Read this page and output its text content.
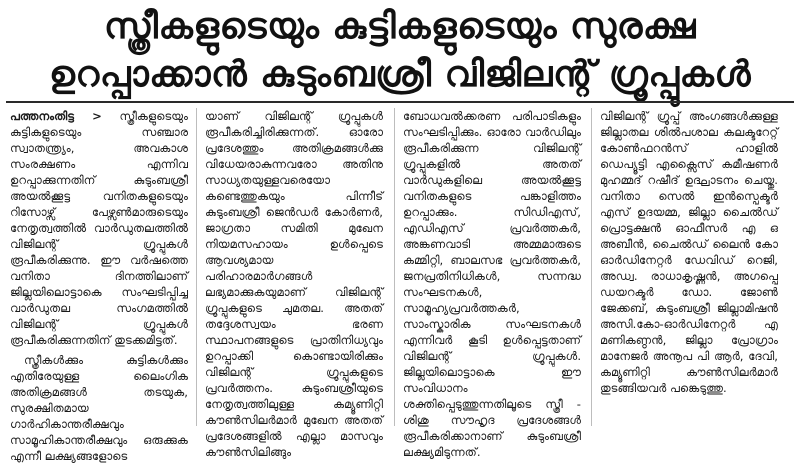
സ്ത്രീകളുടെയും കുട്ടികളുടെയും സുരക്ഷ
ഉറപ്പാക്കാൻ കുടുംബശ്രീ വിജിലന്റ് ഗ്രൂപ്പുകൾ

പത്തനംതിട്ട > സ്ത്രീകളുടെയും കുട്ടികളുടെയും സഞ്ചാര സ്വാതന്ത്ര്യം, അവകാശ സംരക്ഷണം എന്നിവ ഉറപ്പാക്കുന്നതിന് കുടുംബശ്രീ അയൽക്കൂട്ട വനിതകളുടെയും റിസോഴ്സ് പേഴ്സൺമാരുടെയും നേതൃത്വത്തിൽ വാർഡുതലത്തിൽ വിജിലന്റ് ഗ്രൂപ്പുകൾ രൂപീകരിക്കുന്നു. ഈ വർഷത്തെ വനിതാ ദിനത്തിലാണ് ജില്ലയിലൊട്ടാകെ സംഘടിപ്പിച്ച വാർഡുതല സംഗമത്തിൽ വിജിലന്റ് ഗ്രൂപ്പുകൾ രൂപീകരിക്കുന്നതിന് തുടക്കമിട്ടത്.

സ്ത്രീകൾക്കും കുട്ടികൾക്കും എതിരേയുള്ള ലൈംഗിക അതിക്രമങ്ങൾ തടയുക, സുരക്ഷിതമായ ഗാർഹികാന്തരീക്ഷവും സാമൂഹികാന്തരീക്ഷവും ഒരുക്കുക എന്നീ ലക്ഷ്യങ്ങളോടെ

യാണ് വിജിലന്റ് ഗ്രൂപ്പുകൾ രൂപീകരിച്ചിരിക്കുന്നത്. ഓരോ പ്രദേശത്തും അതിക്രമങ്ങൾക്കു വിധേയരാകുന്നവരോ അതിനു സാധ്യതയുള്ളവരെയോ കണ്ടെത്തുകയും പിന്നീട് കുടുംബശ്രീ ജെൻഡർ കോർണർ, ജാഗ്രതാ സമിതി മുഖേന നിയമസഹായം ഉൾപ്പെടെ ആവശ്യമായ പരിഹാരമാർഗങ്ങൾ ലഭ്യമാക്കുകയുമാണ് വിജിലന്റ് ഗ്രൂപ്പുകളുടെ ചുമതല. അതത് തദ്ദേശസ്വയം ഭരണ സ്ഥാപനങ്ങളുടെ പ്രാതിനിധ്യവും ഉറപ്പാക്കി കൊണ്ടായിരിക്കും വിജിലന്റ് ഗ്രൂപ്പുകളുടെ പ്രവർത്തനം. കുടുംബശ്രീയുടെ നേതൃത്വത്തിലുള്ള കമ്യൂണിറ്റി കൗൺസിലർമാർ മുഖേന അതത് പ്രദേശങ്ങളിൽ എല്ലാ മാസവും കൗൺസിലിങ്ങും

ബോധവൽക്കരണ പരിപാടികളും സംഘടിപ്പിക്കും. ഓരോ വാർഡിലും രൂപീകരിക്കുന്ന വിജിലന്റ് ഗ്രൂപ്പുകളിൽ അതത് വാർഡുകളിലെ അയൽക്കൂട്ട വനിതകളുടെ പങ്കാളിത്തം ഉറപ്പാക്കും. സിഡിഎസ്, എഡിഎസ് പ്രവർത്തകർ, അങ്കണവാടി അമ്മമാരുടെ കമ്മിറ്റി, ബാലസഭ പ്രവർത്തകർ, ജനപ്രതിനിധികൾ, സന്നദ്ധ സംഘടനകൾ, സാമൂഹ്യപ്രവർത്തകർ, സാംസ്കാരിക സംഘടനകൾ എന്നിവർ കൂടി ഉൾപ്പെട്ടതാണ് വിജിലന്റ് ഗ്രൂപ്പുകൾ. ജില്ലയിലൊട്ടാകെ ഈ സംവിധാനം ശക്തിപ്പെടുത്തുന്നതിലൂടെ സ്ത്രീ - ശിശു സൗഹൃദ പ്രദേശങ്ങൾ രൂപീകരിക്കാനാണ് കുടുംബശ്രീ ലക്ഷ്യമിടുന്നത്.

വിജിലന്റ് ഗ്രൂപ്പ് അംഗങ്ങൾക്കുള്ള ജില്ലാതല ശിൽപശാല കലക്ടറേറ്റ് കോൺഫറൻസ് ഹാളിൽ ഡെപ്യൂട്ടി എക്സൈസ് കമീഷണർ മുഹമ്മദ് റഷീദ് ഉദ്ഘാടനം ചെയ്തു. വനിതാ സെൽ ഇൻസ്പെക്ടർ എസ് ഉദയമ്മ, ജില്ലാ ചൈൽഡ് പ്രൊട്ടക്ഷൻ ഓഫീസർ എ ഒ അബീൻ, ചൈൽഡ് ലൈൻ കോ ഓർഡിനേറ്റർ ഡേവിഡ് റെജി, അഡ്വ. രാധാകൃഷ്ണൻ, അഗപ്പെ ഡയറക്ടർ ഡോ. ജോൺ ജേക്കബ്, കുടുംബശ്രീ ജില്ലാമിഷൻ അസി.കോ-ഓർഡിനേറ്റർ എ മണികണ്ഠൻ, ജില്ലാ പ്രോഗ്രാം മാനേജർ അനൂപ പി ആർ, ദേവി, കമ്യൂണിറ്റി കൗൺസിലർമാർ തുടങ്ങിയവർ പങ്കെടുത്തു.
